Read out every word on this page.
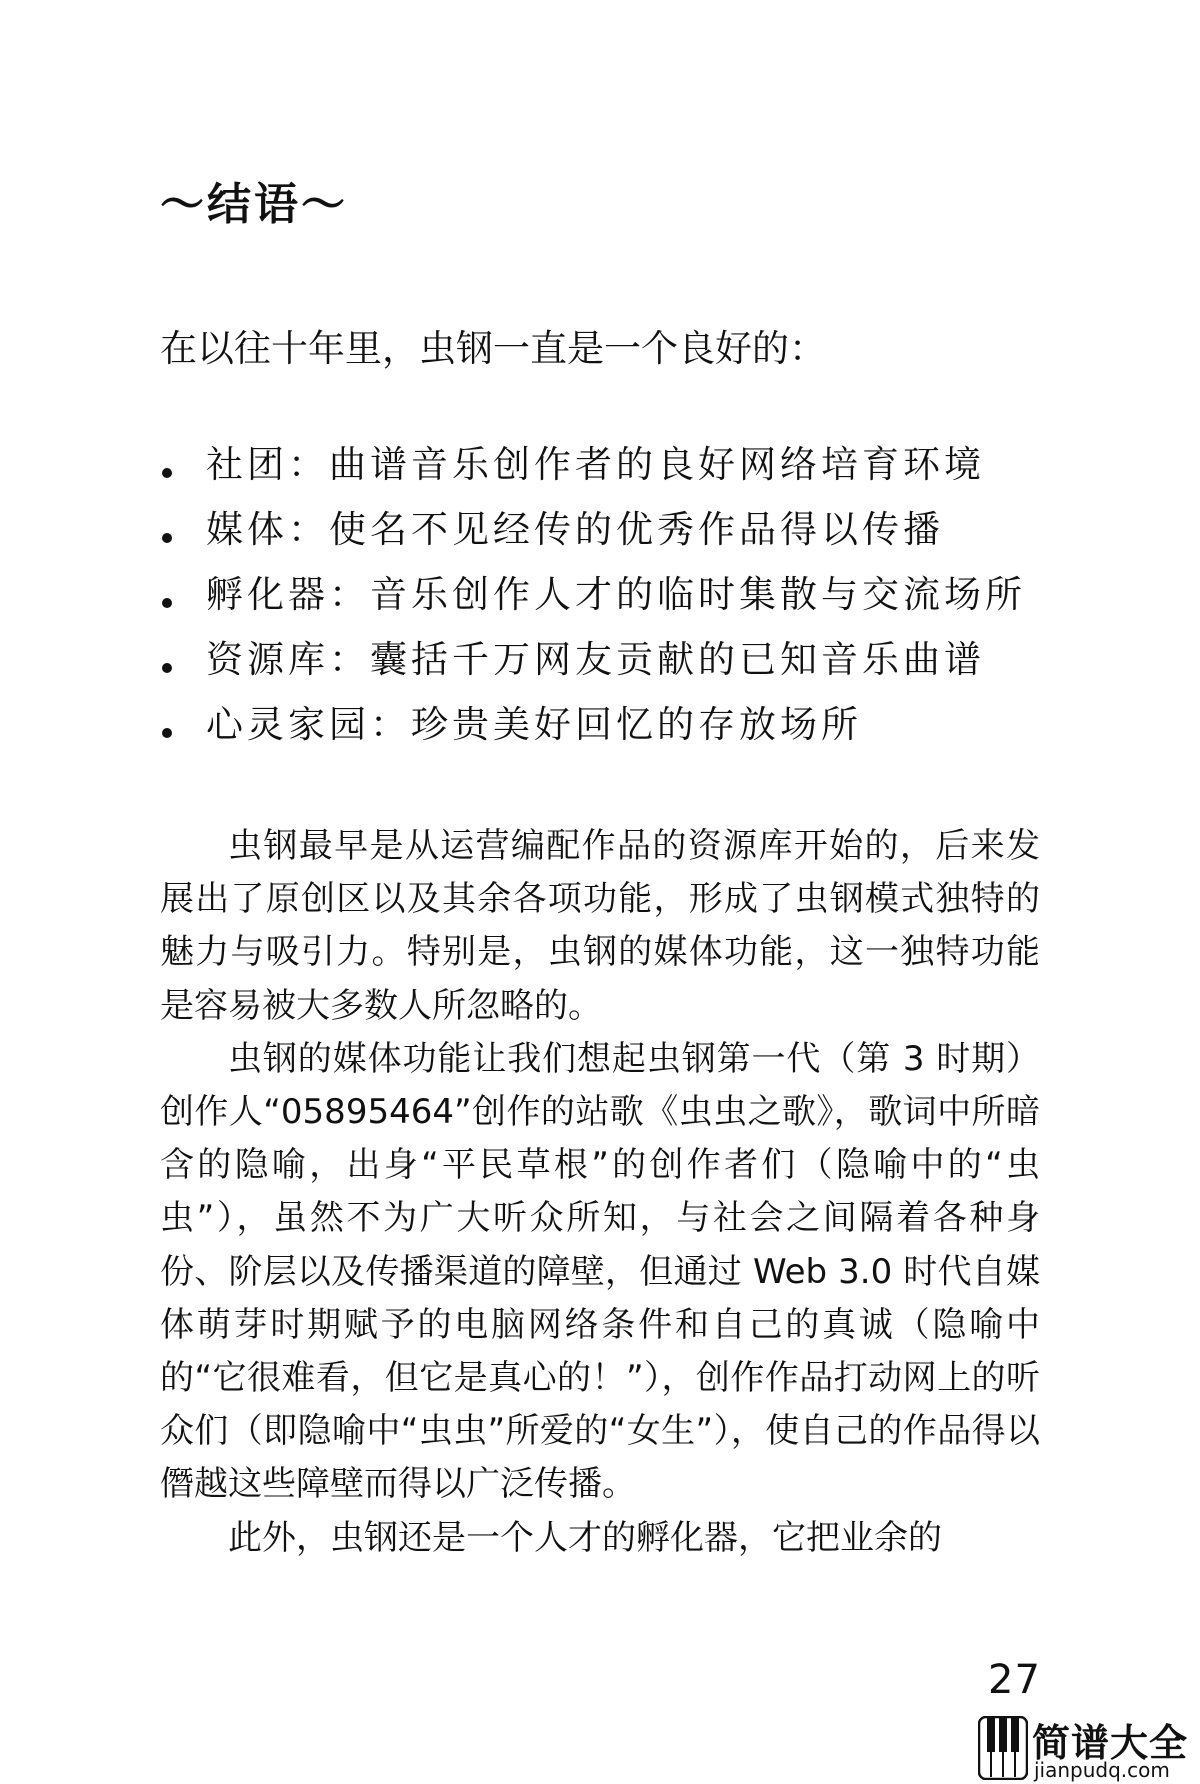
～结语～
在以往十年里，虫钢一直是一个良好的：
社团：曲谱音乐创作者的良好网络培育环境
媒体：使名不见经传的优秀作品得以传播
孵化器：音乐创作人才的临时集散与交流场所
资源库：囊括千万网友贡献的已知音乐曲谱
心灵家园：珍贵美好回忆的存放场所

虫钢最早是从运营编配作品的资源库开始的，后来发展出了原创区以及其余各项功能，形成了虫钢模式独特的魅力与吸引力。特别是，虫钢的媒体功能，这一独特功能是容易被大多数人所忽略的。

虫钢的媒体功能让我们想起虫钢第一代（第 3 时期）创作人“05895464”创作的站歌《虫虫之歌》，歌词中所暗含的隐喻，出身“平民草根”的创作者们（隐喻中的“虫虫”），虽然不为广大听众所知，与社会之间隔着各种身份、阶层以及传播渠道的障壁，但通过 Web 3.0 时代自媒体萌芽时期赋予的电脑网络条件和自己的真诚（隐喻中的“它很难看，但它是真心的！”），创作作品打动网上的听众们（即隐喻中“虫虫”所爱的“女生”），使自己的作品得以僭越这些障壁而得以广泛传播。

此外，虫钢还是一个人才的孵化器，它把业余的

27
简谱大全
jianpudq.com
